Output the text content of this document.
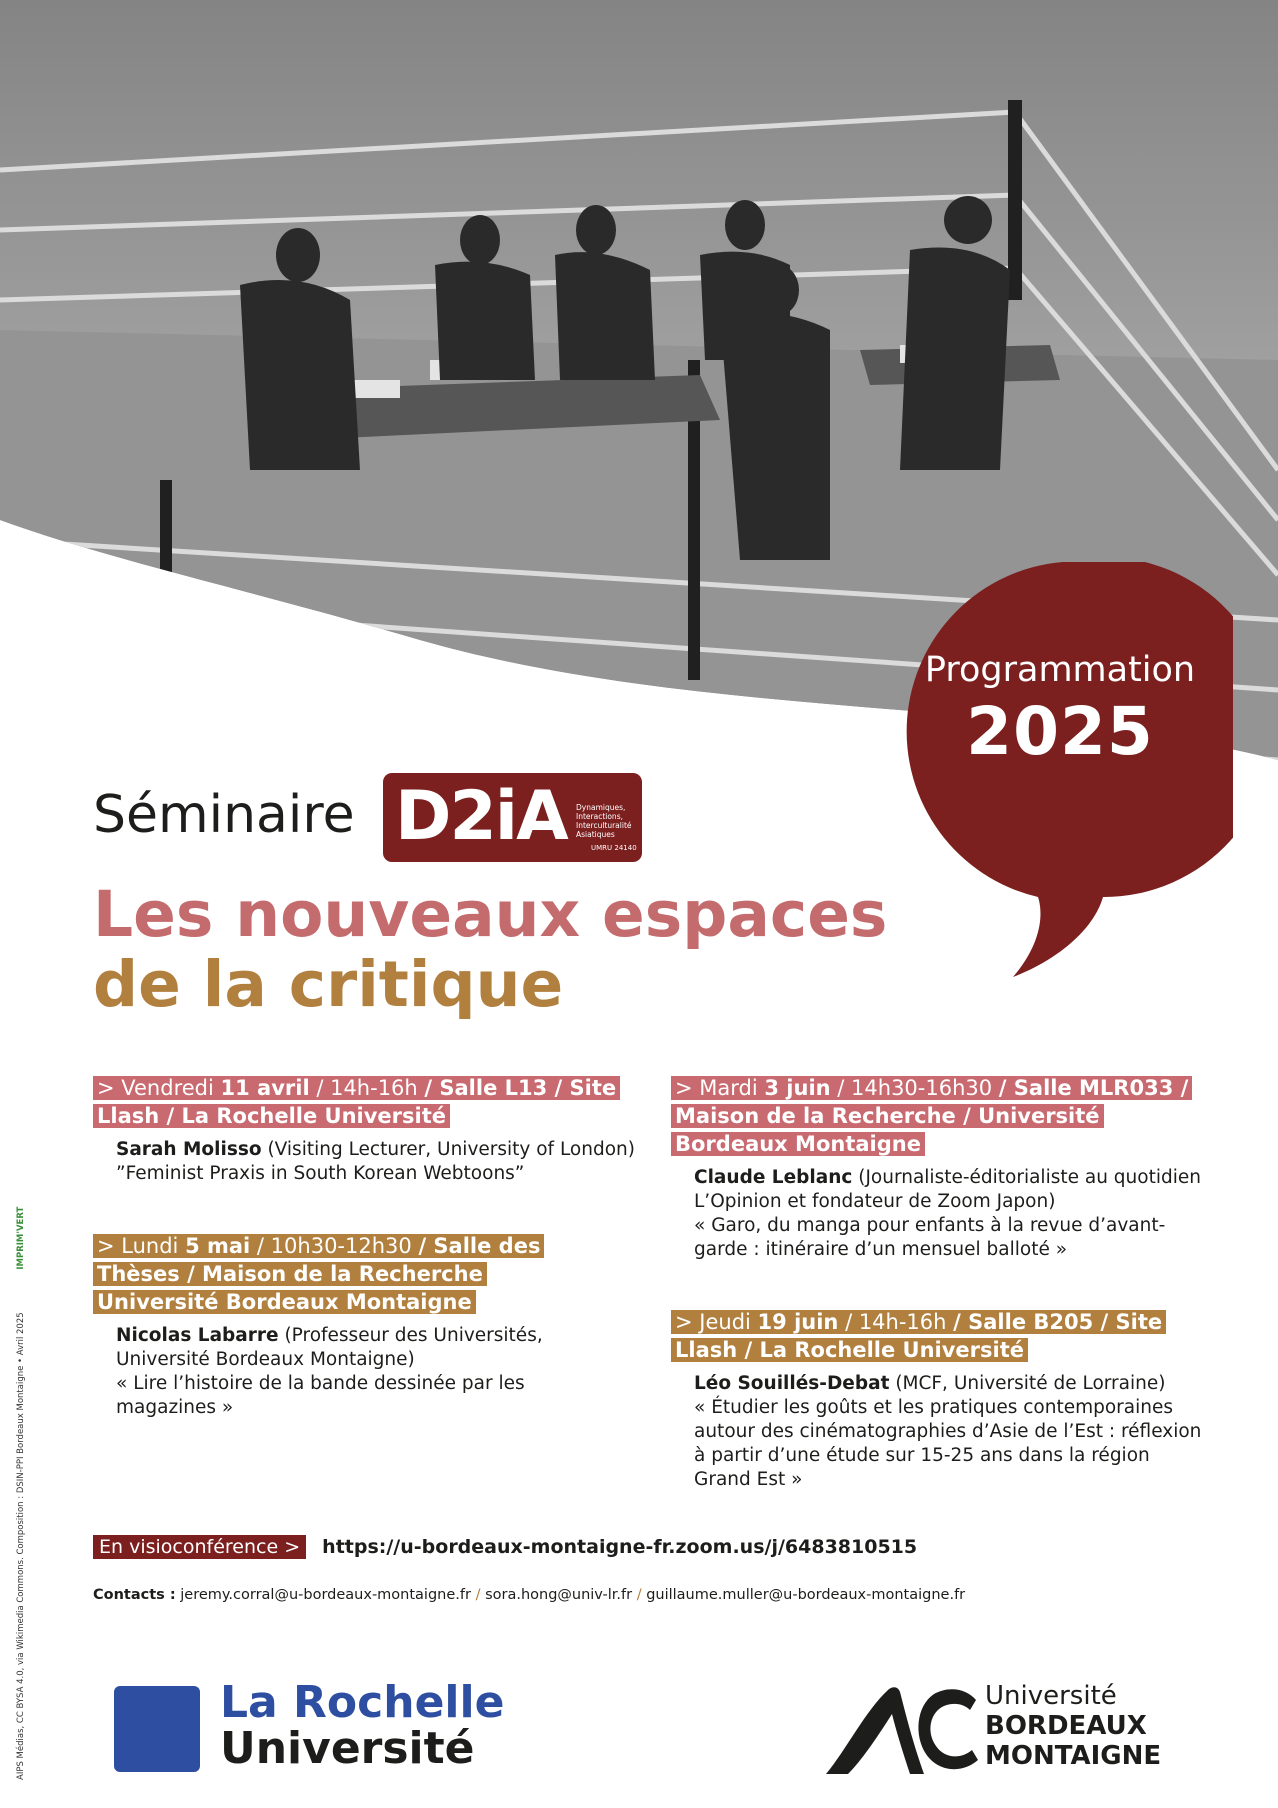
Programmation
2025
Séminaire D2iA Dynamiques,
Interactions,
Interculturalité
Asiatiques
UMRU 24140
Les nouveaux espaces
de la critique
> Vendredi 11 avril / 14h-16h / Salle L13 / Site Llash / La Rochelle Université
Sarah Molisso (Visiting Lecturer, University of London)
”Feminist Praxis in South Korean Webtoons”
> Lundi 5 mai / 10h30-12h30 / Salle des Thèses / Maison de la Recherche Université Bordeaux Montaigne
Nicolas Labarre (Professeur des Universités, Université Bordeaux Montaigne)
« Lire l’histoire de la bande dessinée par les magazines »
> Mardi 3 juin / 14h30-16h30 / Salle MLR033 / Maison de la Recherche / Université Bordeaux Montaigne
Claude Leblanc (Journaliste-éditorialiste au quotidien L’Opinion et fondateur de Zoom Japon)
« Garo, du manga pour enfants à la revue d’avant-garde : itinéraire d’un mensuel balloté »
> Jeudi 19 juin / 14h-16h / Salle B205 / Site Llash / La Rochelle Université
Léo Souillés-Debat (MCF, Université de Lorraine)
« Étudier les goûts et les pratiques contemporaines autour des cinématographies d’Asie de l’Est : réflexion à partir d’une étude sur 15-25 ans dans la région Grand Est »
En visioconférence > https://u-bordeaux-montaigne-fr.zoom.us/j/6483810515
Contacts : jeremy.corral@u-bordeaux-montaigne.fr / sora.hong@univ-lr.fr / guillaume.muller@u-bordeaux-montaigne.fr
AIPS Médias, CC BYSA 4.0, via Wikimedia Commons. Composition : DSIN-PPI Bordeaux Montaigne • Avril 2025 IMPRIM'VERT
La Rochelle
Université
Université
BORDEAUX
MONTAIGNE
